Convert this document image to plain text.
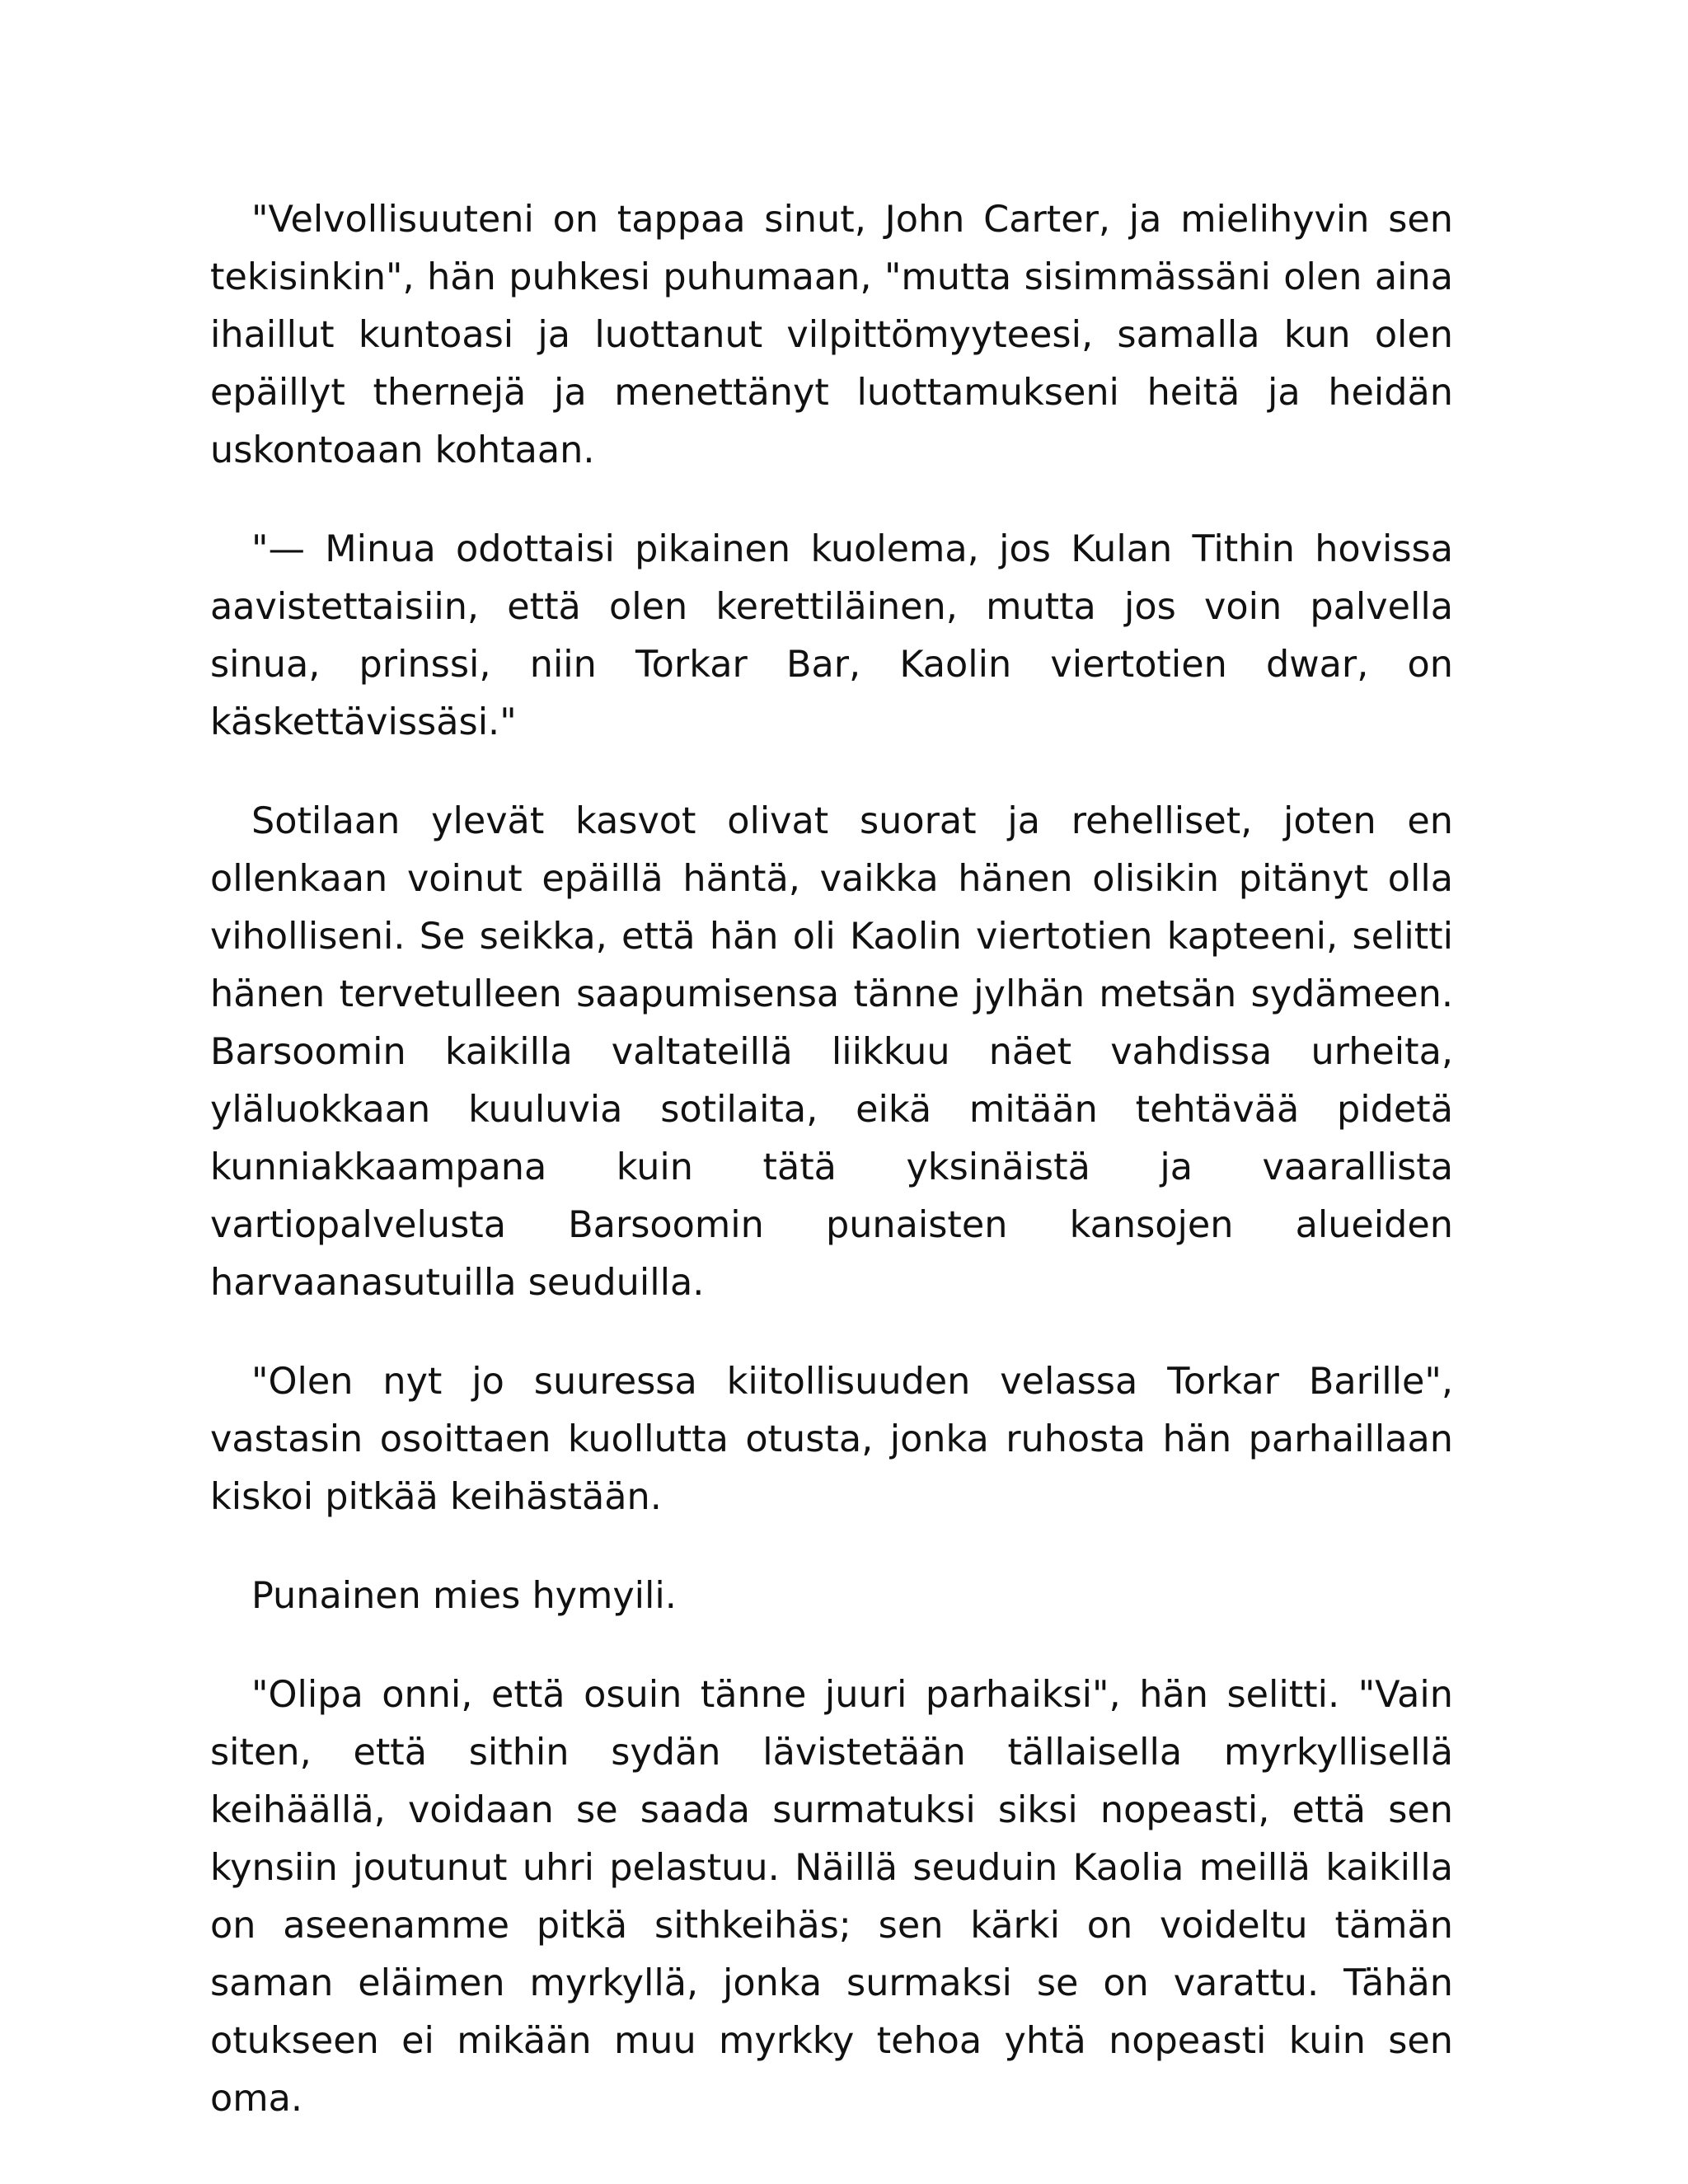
"Velvollisuuteni on tappaa sinut, John Carter, ja mielihyvin sen tekisinkin", hän puhkesi puhumaan, "mutta sisimmässäni olen aina ihaillut kuntoasi ja luottanut vilpittömyyteesi, samalla kun olen epäillyt thernejä ja menettänyt luottamukseni heitä ja heidän uskontoaan kohtaan.

"— Minua odottaisi pikainen kuolema, jos Kulan Tithin hovissa aavistettaisiin, että olen kerettiläinen, mutta jos voin palvella sinua, prinssi, niin Torkar Bar, Kaolin viertotien dwar, on käskettävissäsi."

Sotilaan ylevät kasvot olivat suorat ja rehelliset, joten en ollenkaan voinut epäillä häntä, vaikka hänen olisikin pitänyt olla viholliseni. Se seikka, että hän oli Kaolin viertotien kapteeni, selitti hänen tervetulleen saapumisensa tänne jylhän metsän sydämeen. Barsoomin kaikilla valtateillä liikkuu näet vahdissa urheita, yläluokkaan kuuluvia sotilaita, eikä mitään tehtävää pidetä kunniakkaampana kuin tätä yksinäistä ja vaarallista vartiopalvelusta Barsoomin punaisten kansojen alueiden harvaanasutuilla seuduilla.

"Olen nyt jo suuressa kiitollisuuden velassa Torkar Barille", vastasin osoittaen kuollutta otusta, jonka ruhosta hän parhaillaan kiskoi pitkää keihästään.

Punainen mies hymyili.

"Olipa onni, että osuin tänne juuri parhaiksi", hän selitti. "Vain siten, että sithin sydän lävistetään tällaisella myrkyllisellä keihäällä, voidaan se saada surmatuksi siksi nopeasti, että sen kynsiin joutunut uhri pelastuu. Näillä seuduin Kaolia meillä kaikilla on aseenamme pitkä sithkeihäs; sen kärki on voideltu tämän saman eläimen myrkyllä, jonka surmaksi se on varattu. Tähän otukseen ei mikään muu myrkky tehoa yhtä nopeasti kuin sen oma.
